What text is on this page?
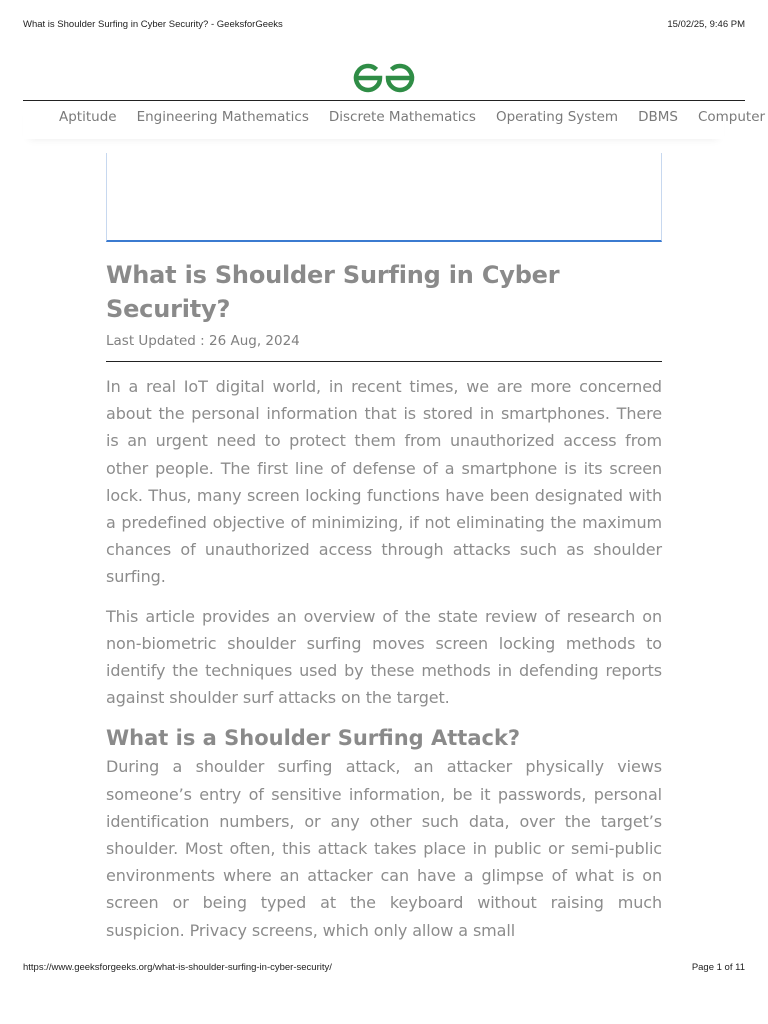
What is Shoulder Surfing in Cyber Security? - GeeksforGeeks	15/02/25, 9:46 PM
Aptitude Engineering Mathematics Discrete Mathematics Operating System DBMS Computer
What is Shoulder Surfing in Cyber Security?
Last Updated : 26 Aug, 2024

In a real IoT digital world, in recent times, we are more concerned about the personal information that is stored in smartphones. There is an urgent need to protect them from unauthorized access from other people. The first line of defense of a smartphone is its screen lock. Thus, many screen locking functions have been designated with a predefined objective of minimizing, if not eliminating the maximum chances of unauthorized access through attacks such as shoulder surfing.

This article provides an overview of the state review of research on non-biometric shoulder surfing moves screen locking methods to identify the techniques used by these methods in defending reports against shoulder surf attacks on the target.

What is a Shoulder Surfing Attack?

During a shoulder surfing attack, an attacker physically views someone’s entry of sensitive information, be it passwords, personal identification numbers, or any other such data, over the target’s shoulder. Most often, this attack takes place in public or semi-public environments where an attacker can have a glimpse of what is on screen or being typed at the keyboard without raising much suspicion. Privacy screens, which only allow a small

https://www.geeksforgeeks.org/what-is-shoulder-surfing-in-cyber-security/	Page 1 of 11
